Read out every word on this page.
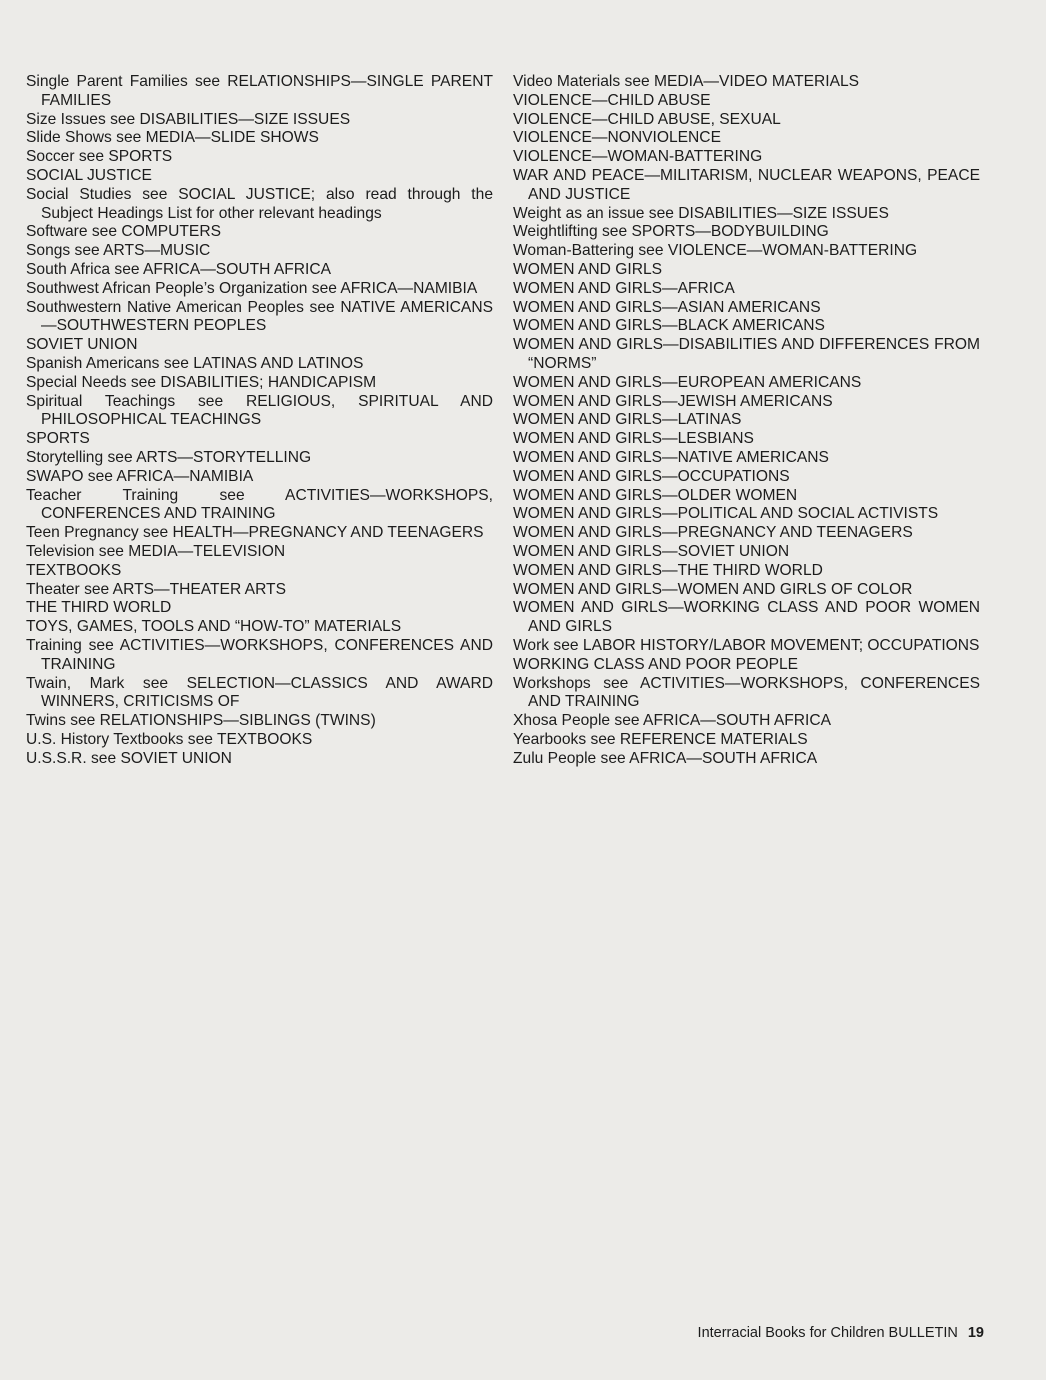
Single Parent Families see RELATIONSHIPS—SINGLE PARENT FAMILIES

Size Issues see DISABILITIES—SIZE ISSUES

Slide Shows see MEDIA—SLIDE SHOWS

Soccer see SPORTS

SOCIAL JUSTICE

Social Studies see SOCIAL JUSTICE; also read through the Subject Headings List for other relevant headings

Software see COMPUTERS

Songs see ARTS—MUSIC

South Africa see AFRICA—SOUTH AFRICA

Southwest African People’s Organization see AFRICA—NAMIBIA

Southwestern Native American Peoples see NATIVE AMERICANS—SOUTHWESTERN PEOPLES

SOVIET UNION

Spanish Americans see LATINAS AND LATINOS

Special Needs see DISABILITIES; HANDICAPISM

Spiritual Teachings see RELIGIOUS, SPIRITUAL AND PHILOSOPHICAL TEACHINGS

SPORTS

Storytelling see ARTS—STORYTELLING

SWAPO see AFRICA—NAMIBIA

Teacher Training see ACTIVITIES—WORKSHOPS, CONFERENCES AND TRAINING

Teen Pregnancy see HEALTH—PREGNANCY AND TEENAGERS

Television see MEDIA—TELEVISION

TEXTBOOKS

Theater see ARTS—THEATER ARTS

THE THIRD WORLD

TOYS, GAMES, TOOLS AND “HOW-TO” MATERIALS

Training see ACTIVITIES—WORKSHOPS, CONFERENCES AND TRAINING

Twain, Mark see SELECTION—CLASSICS AND AWARD WINNERS, CRITICISMS OF

Twins see RELATIONSHIPS—SIBLINGS (TWINS)

U.S. History Textbooks see TEXTBOOKS

U.S.S.R. see SOVIET UNION

Video Materials see MEDIA—VIDEO MATERIALS

VIOLENCE—CHILD ABUSE

VIOLENCE—CHILD ABUSE, SEXUAL

VIOLENCE—NONVIOLENCE

VIOLENCE—WOMAN-BATTERING

WAR AND PEACE—MILITARISM, NUCLEAR WEAPONS, PEACE AND JUSTICE

Weight as an issue see DISABILITIES—SIZE ISSUES

Weightlifting see SPORTS—BODYBUILDING

Woman-Battering see VIOLENCE—WOMAN-BATTERING

WOMEN AND GIRLS

WOMEN AND GIRLS—AFRICA

WOMEN AND GIRLS—ASIAN AMERICANS

WOMEN AND GIRLS—BLACK AMERICANS

WOMEN AND GIRLS—DISABILITIES AND DIFFERENCES FROM “NORMS”

WOMEN AND GIRLS—EUROPEAN AMERICANS

WOMEN AND GIRLS—JEWISH AMERICANS

WOMEN AND GIRLS—LATINAS

WOMEN AND GIRLS—LESBIANS

WOMEN AND GIRLS—NATIVE AMERICANS

WOMEN AND GIRLS—OCCUPATIONS

WOMEN AND GIRLS—OLDER WOMEN

WOMEN AND GIRLS—POLITICAL AND SOCIAL ACTIVISTS

WOMEN AND GIRLS—PREGNANCY AND TEENAGERS

WOMEN AND GIRLS—SOVIET UNION

WOMEN AND GIRLS—THE THIRD WORLD

WOMEN AND GIRLS—WOMEN AND GIRLS OF COLOR

WOMEN AND GIRLS—WORKING CLASS AND POOR WOMEN AND GIRLS

Work see LABOR HISTORY/LABOR MOVEMENT; OCCUPATIONS

WORKING CLASS AND POOR PEOPLE

Workshops see ACTIVITIES—WORKSHOPS, CONFERENCES AND TRAINING

Xhosa People see AFRICA—SOUTH AFRICA

Yearbooks see REFERENCE MATERIALS

Zulu People see AFRICA—SOUTH AFRICA

Interracial Books for Children BULLETIN 19
